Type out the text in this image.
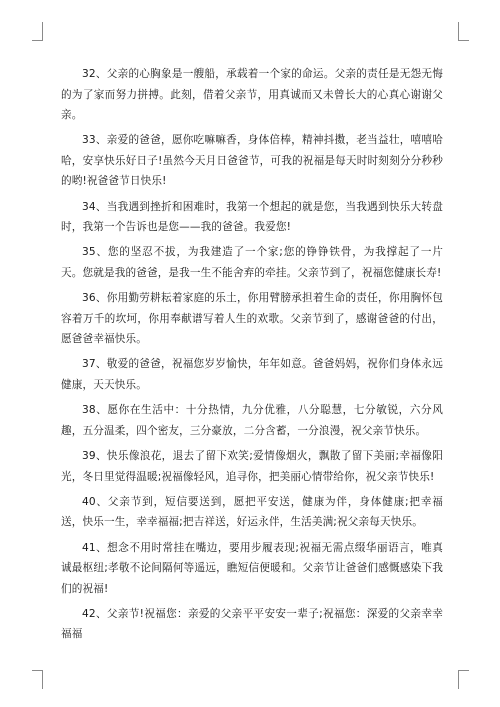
32、父亲的心胸象是一艘船，承载着一个家的命运。父亲的责任是无怨无悔的为了家而努力拼搏。此刻，借着父亲节，用真诚而又未曾长大的心真心谢谢父亲。

33、亲爱的爸爸，愿你吃嘛嘛香，身体倍棒，精神抖擞，老当益壮，嘻嘻哈哈，安享快乐好日子!虽然今天月日爸爸节，可我的祝福是每天时时刻刻分分秒秒的哟!祝爸爸节日快乐!

34、当我遇到挫折和困难时，我第一个想起的就是您，当我遇到快乐大转盘时，我第一个告诉也是您——我的爸爸。我爱您!

35、您的坚忍不拔，为我建造了一个家;您的铮铮铁骨，为我撑起了一片天。您就是我的爸爸，是我一生不能舍弃的牵挂。父亲节到了，祝福您健康长寿!

36、你用勤劳耕耘着家庭的乐土，你用臂膀承担着生命的责任，你用胸怀包容着万千的坎坷，你用奉献谱写着人生的欢歌。父亲节到了，感谢爸爸的付出，愿爸爸幸福快乐。

37、敬爱的爸爸，祝福您岁岁愉快，年年如意。爸爸妈妈，祝你们身体永远健康，天天快乐。

38、愿你在生活中：十分热情，九分优雅，八分聪慧，七分敏锐，六分风趣，五分温柔，四个密友，三分豪放，二分含蓄，一分浪漫，祝父亲节快乐。

39、快乐像浪花，退去了留下欢笑;爱情像烟火，飘散了留下美丽;幸福像阳光，冬日里觉得温暖;祝福像轻风，追寻你，把美丽心情带给你，祝父亲节快乐!

40、父亲节到，短信要送到，愿把平安送，健康为伴，身体健康;把幸福送，快乐一生，幸幸福福;把吉祥送，好运永伴，生活美满;祝父亲每天快乐。

41、想念不用时常挂在嘴边，要用步履表现;祝福无需点缀华丽语言，唯真诚最枢纽;孝敬不论间隔何等遥远，瞧短信便暖和。父亲节让爸爸们感慨感染下我们的祝福!

42、父亲节!祝福您：亲爱的父亲平平安安一辈子;祝福您：深爱的父亲幸幸福福
